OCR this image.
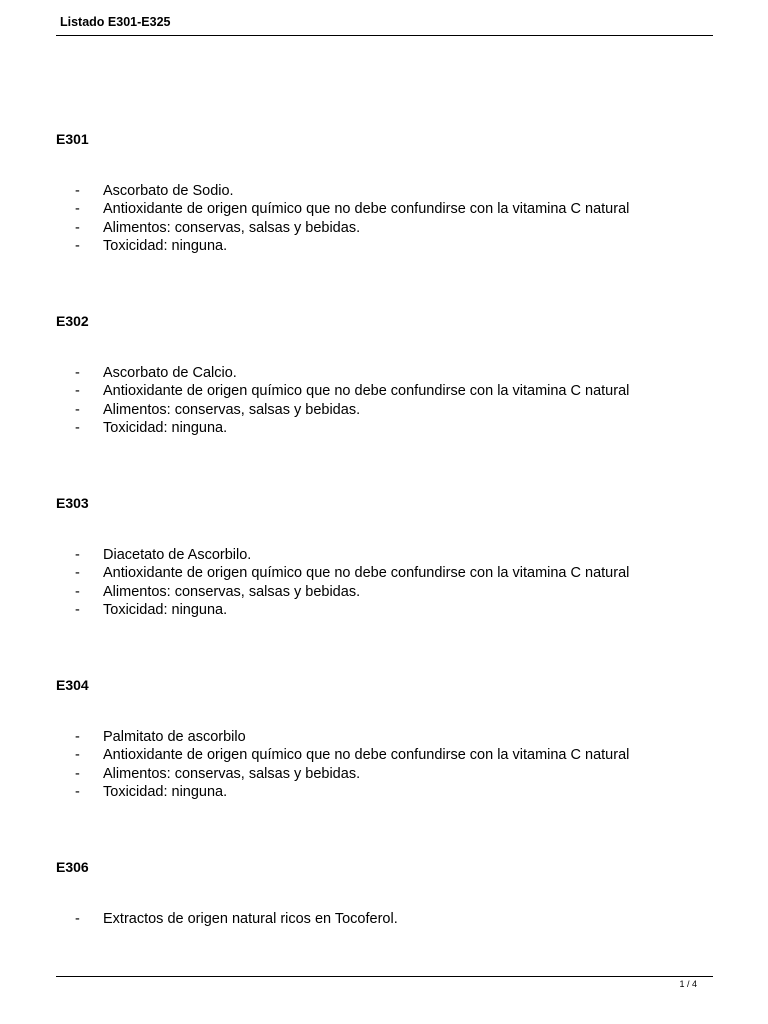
Listado E301-E325

E301

- Ascorbato de Sodio.
- Antioxidante de origen químico que no debe confundirse con la vitamina C natural
- Alimentos: conservas, salsas y bebidas.
- Toxicidad: ninguna.

E302

- Ascorbato de Calcio.
- Antioxidante de origen químico que no debe confundirse con la vitamina C natural
- Alimentos: conservas, salsas y bebidas.
- Toxicidad: ninguna.

E303

- Diacetato de Ascorbilo.
- Antioxidante de origen químico que no debe confundirse con la vitamina C natural
- Alimentos: conservas, salsas y bebidas.
- Toxicidad: ninguna.

E304

- Palmitato de ascorbilo
- Antioxidante de origen químico que no debe confundirse con la vitamina C natural
- Alimentos: conservas, salsas y bebidas.
- Toxicidad: ninguna.

E306

- Extractos de origen natural ricos en Tocoferol.
1 / 4
